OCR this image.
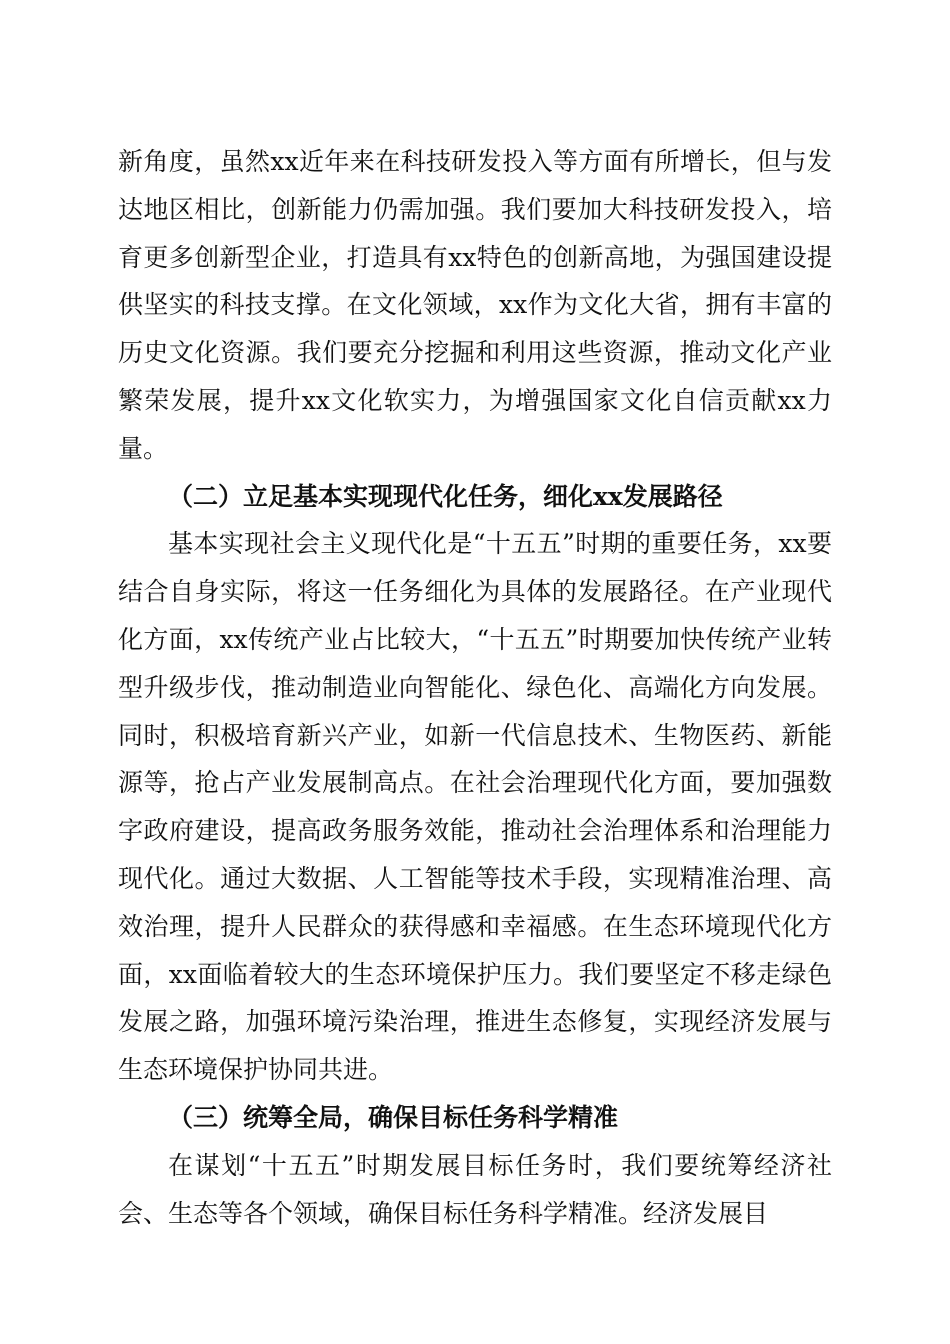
新角度，虽然xx近年来在科技研发投入等方面有所增长，但与发达地区相比，创新能力仍需加强。我们要加大科技研发投入，培育更多创新型企业，打造具有xx特色的创新高地，为强国建设提供坚实的科技支撑。在文化领域，xx作为文化大省，拥有丰富的历史文化资源。我们要充分挖掘和利用这些资源，推动文化产业繁荣发展，提升xx文化软实力，为增强国家文化自信贡献xx力量。

（二）立足基本实现现代化任务，细化xx发展路径

基本实现社会主义现代化是“十五五”时期的重要任务，xx要结合自身实际，将这一任务细化为具体的发展路径。在产业现代化方面，xx传统产业占比较大，“十五五”时期要加快传统产业转型升级步伐，推动制造业向智能化、绿色化、高端化方向发展。同时，积极培育新兴产业，如新一代信息技术、生物医药、新能源等，抢占产业发展制高点。在社会治理现代化方面，要加强数字政府建设，提高政务服务效能，推动社会治理体系和治理能力现代化。通过大数据、人工智能等技术手段，实现精准治理、高效治理，提升人民群众的获得感和幸福感。在生态环境现代化方面，xx面临着较大的生态环境保护压力。我们要坚定不移走绿色发展之路，加强环境污染治理，推进生态修复，实现经济发展与生态环境保护协同共进。

（三）统筹全局，确保目标任务科学精准

在谋划“十五五”时期发展目标任务时，我们要统筹经济社会、生态等各个领域，确保目标任务科学精准。经济发展目
